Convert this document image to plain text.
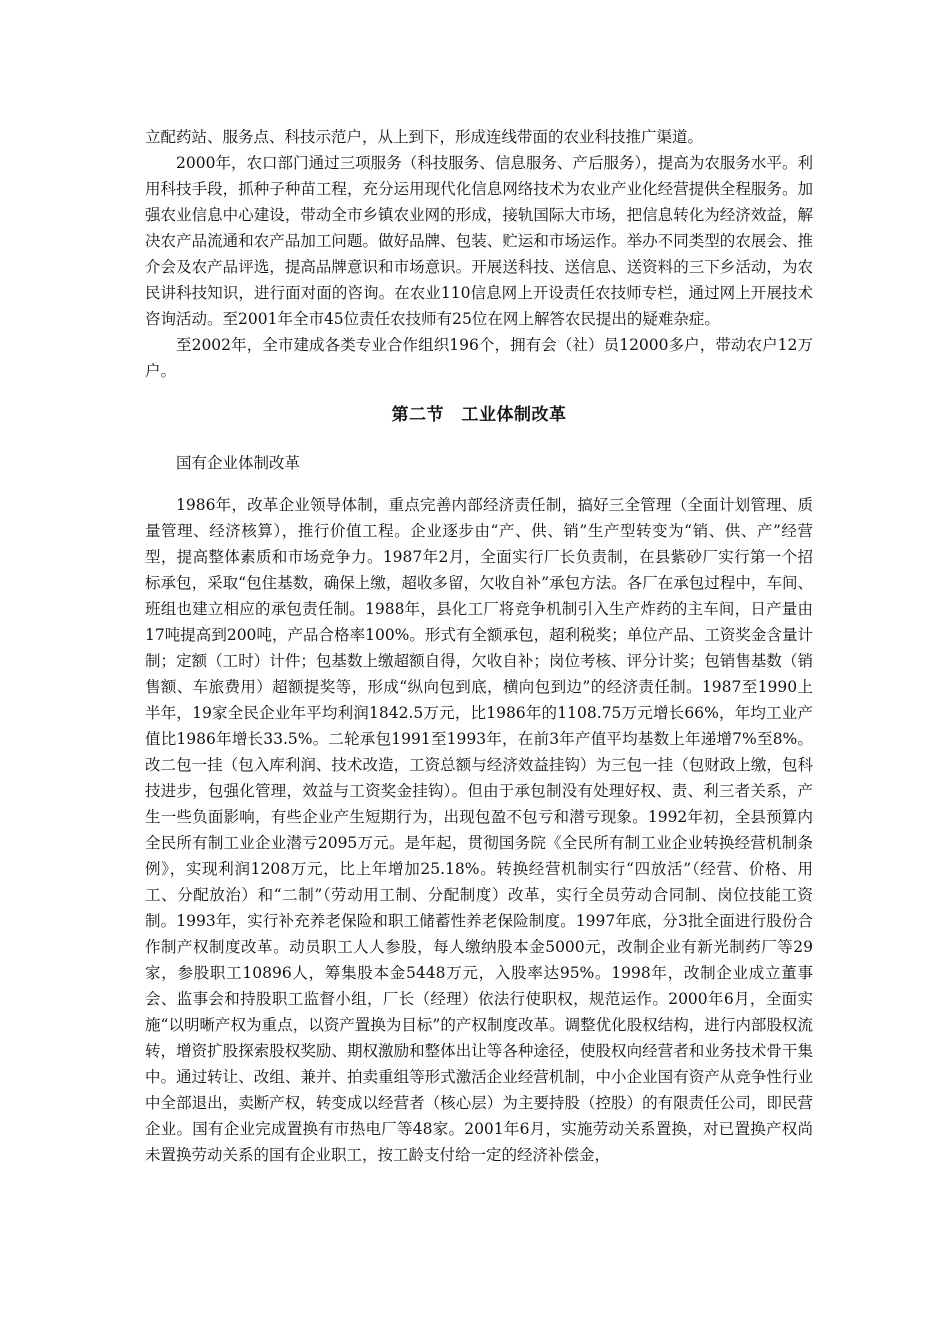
立配药站、服务点、科技示范户，从上到下，形成连线带面的农业科技推广渠道。

2000年，农口部门通过三项服务（科技服务、信息服务、产后服务），提高为农服务水平。利用科技手段，抓种子种苗工程，充分运用现代化信息网络技术为农业产业化经营提供全程服务。加强农业信息中心建设，带动全市乡镇农业网的形成，接轨国际大市场，把信息转化为经济效益，解决农产品流通和农产品加工问题。做好品牌、包装、贮运和市场运作。举办不同类型的农展会、推介会及农产品评选，提高品牌意识和市场意识。开展送科技、送信息、送资料的三下乡活动，为农民讲科技知识，进行面对面的咨询。在农业110信息网上开设责任农技师专栏，通过网上开展技术咨询活动。至2001年全市45位责任农技师有25位在网上解答农民提出的疑难杂症。

至2002年，全市建成各类专业合作组织196个，拥有会（社）员12000多户，带动农户12万户。

第二节　工业体制改革

国有企业体制改革

1986年，改革企业领导体制，重点完善内部经济责任制，搞好三全管理（全面计划管理、质量管理、经济核算），推行价值工程。企业逐步由“产、供、销”生产型转变为“销、供、产”经营型，提高整体素质和市场竞争力。1987年2月，全面实行厂长负责制，在县紫砂厂实行第一个招标承包，采取“包住基数，确保上缴，超收多留，欠收自补”承包方法。各厂在承包过程中，车间、班组也建立相应的承包责任制。1988年，县化工厂将竞争机制引入生产炸药的主车间，日产量由17吨提高到200吨，产品合格率100%。形式有全额承包，超利税奖；单位产品、工资奖金含量计制；定额（工时）计件；包基数上缴超额自得，欠收自补；岗位考核、评分计奖；包销售基数（销售额、车旅费用）超额提奖等，形成“纵向包到底，横向包到边”的经济责任制。1987至1990上半年，19家全民企业年平均利润1842.5万元，比1986年的1108.75万元增长66%，年均工业产值比1986年增长33.5%。二轮承包1991至1993年，在前3年产值平均基数上年递增7%至8%。改二包一挂（包入库利润、技术改造，工资总额与经济效益挂钩）为三包一挂（包财政上缴，包科技进步，包强化管理，效益与工资奖金挂钩）。但由于承包制没有处理好权、责、利三者关系，产生一些负面影响，有些企业产生短期行为，出现包盈不包亏和潜亏现象。1992年初，全县预算内全民所有制工业企业潜亏2095万元。是年起，贯彻国务院《全民所有制工业企业转换经营机制条例》，实现利润1208万元，比上年增加25.18%。转换经营机制实行“四放活”（经营、价格、用工、分配放治）和“二制”（劳动用工制、分配制度）改革，实行全员劳动合同制、岗位技能工资制。1993年，实行补充养老保险和职工储蓄性养老保险制度。1997年底，分3批全面进行股份合作制产权制度改革。动员职工人人参股，每人缴纳股本金5000元，改制企业有新光制药厂等29家，参股职工10896人，筹集股本金5448万元，入股率达95%。1998年，改制企业成立董事会、监事会和持股职工监督小组，厂长（经理）依法行使职权，规范运作。2000年6月，全面实施“以明晰产权为重点，以资产置换为目标”的产权制度改革。调整优化股权结构，进行内部股权流转，增资扩股探索股权奖励、期权激励和整体出让等各种途径，使股权向经营者和业务技术骨干集中。通过转让、改组、兼并、拍卖重组等形式激活企业经营机制，中小企业国有资产从竞争性行业中全部退出，卖断产权，转变成以经营者（核心层）为主要持股（控股）的有限责任公司，即民营企业。国有企业完成置换有市热电厂等48家。2001年6月，实施劳动关系置换，对已置换产权尚未置换劳动关系的国有企业职工，按工龄支付给一定的经济补偿金，
